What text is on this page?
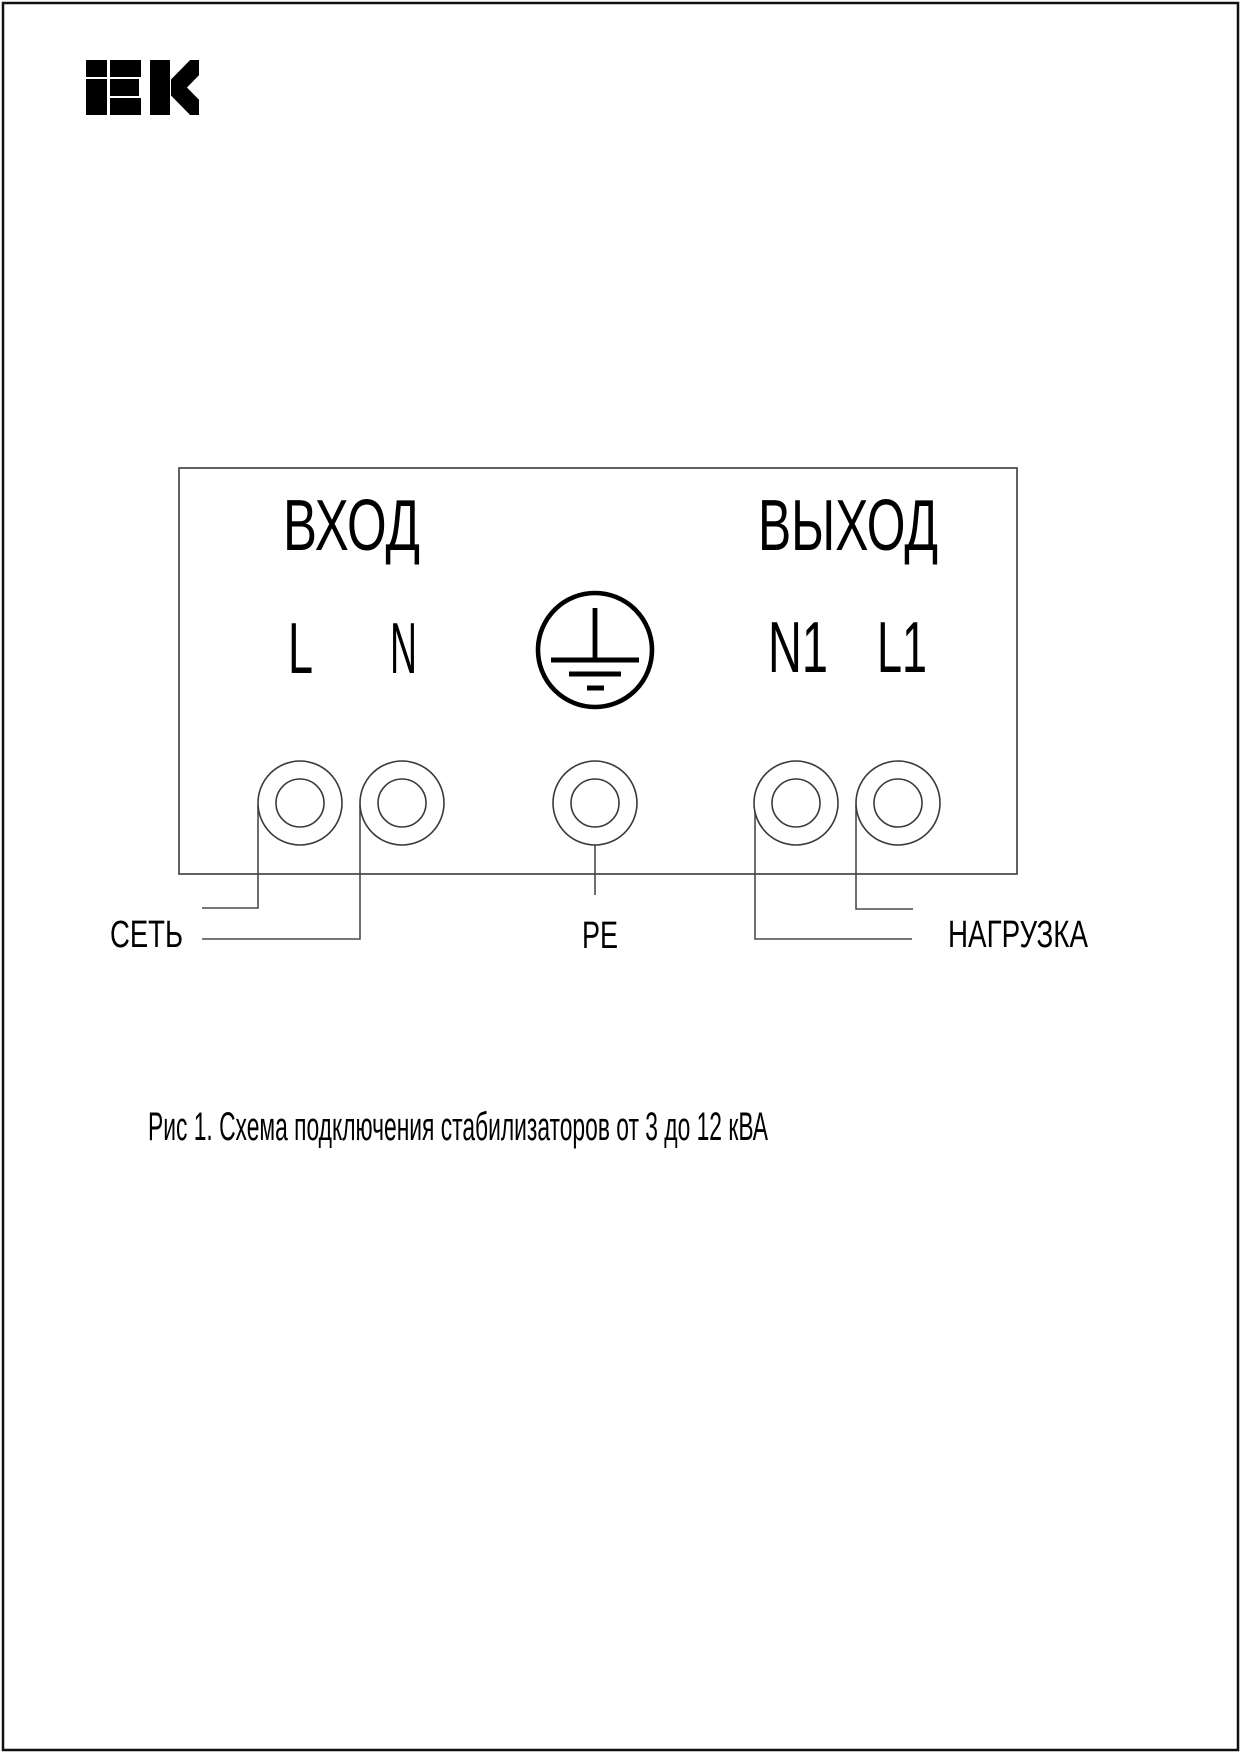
ВХОД	ВЫХОД
L N	N1 L1
СЕТЬ	PE	НАГРУЗКА
Рис 1. Схема подключения стабилизаторов от 3 до 12 кВА
